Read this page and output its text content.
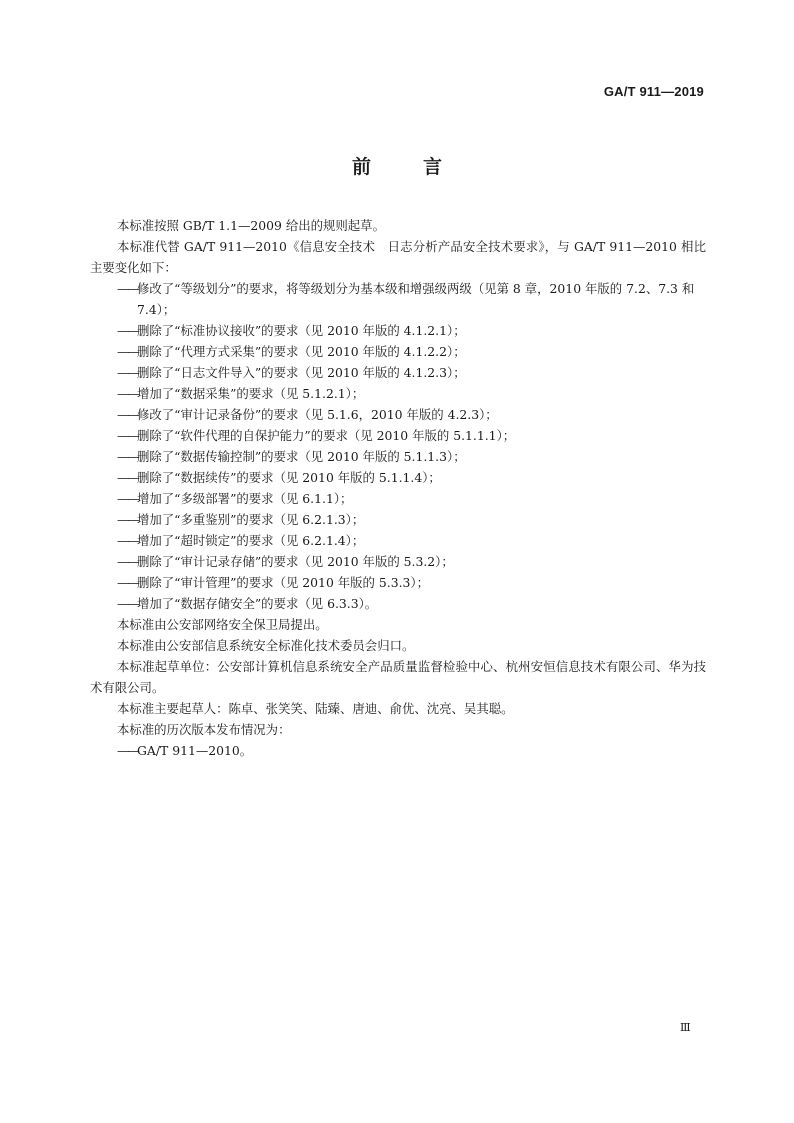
GA/T 911—2019
前	言

本标准按照 GB/T 1.1—2009 给出的规则起草。

本标准代替 GA/T 911—2010《信息安全技术　日志分析产品安全技术要求》，与 GA/T 911—2010 相比主要变化如下：

—— 修改了“等级划分”的要求，将等级划分为基本级和增强级两级（见第 8 章，2010 年版的 7.2、7.3 和 7.4）；

—— 删除了“标准协议接收”的要求（见 2010 年版的 4.1.2.1）；

—— 删除了“代理方式采集”的要求（见 2010 年版的 4.1.2.2）；

—— 删除了“日志文件导入”的要求（见 2010 年版的 4.1.2.3）；

—— 增加了“数据采集”的要求（见 5.1.2.1）；

—— 修改了“审计记录备份”的要求（见 5.1.6，2010 年版的 4.2.3）；

—— 删除了“软件代理的自保护能力”的要求（见 2010 年版的 5.1.1.1）；

—— 删除了“数据传输控制”的要求（见 2010 年版的 5.1.1.3）；

—— 删除了“数据续传”的要求（见 2010 年版的 5.1.1.4）；

—— 增加了“多级部署”的要求（见 6.1.1）；

—— 增加了“多重鉴别”的要求（见 6.2.1.3）；

—— 增加了“超时锁定”的要求（见 6.2.1.4）；

—— 删除了“审计记录存储”的要求（见 2010 年版的 5.3.2）；

—— 删除了“审计管理”的要求（见 2010 年版的 5.3.3）；

—— 增加了“数据存储安全”的要求（见 6.3.3）。

本标准由公安部网络安全保卫局提出。

本标准由公安部信息系统安全标准化技术委员会归口。

本标准起草单位：公安部计算机信息系统安全产品质量监督检验中心、杭州安恒信息技术有限公司、华为技术有限公司。

本标准主要起草人：陈卓、张笑笑、陆臻、唐迪、俞优、沈亮、吴其聪。

本标准的历次版本发布情况为：

—— GA/T 911—2010。

Ⅲ
